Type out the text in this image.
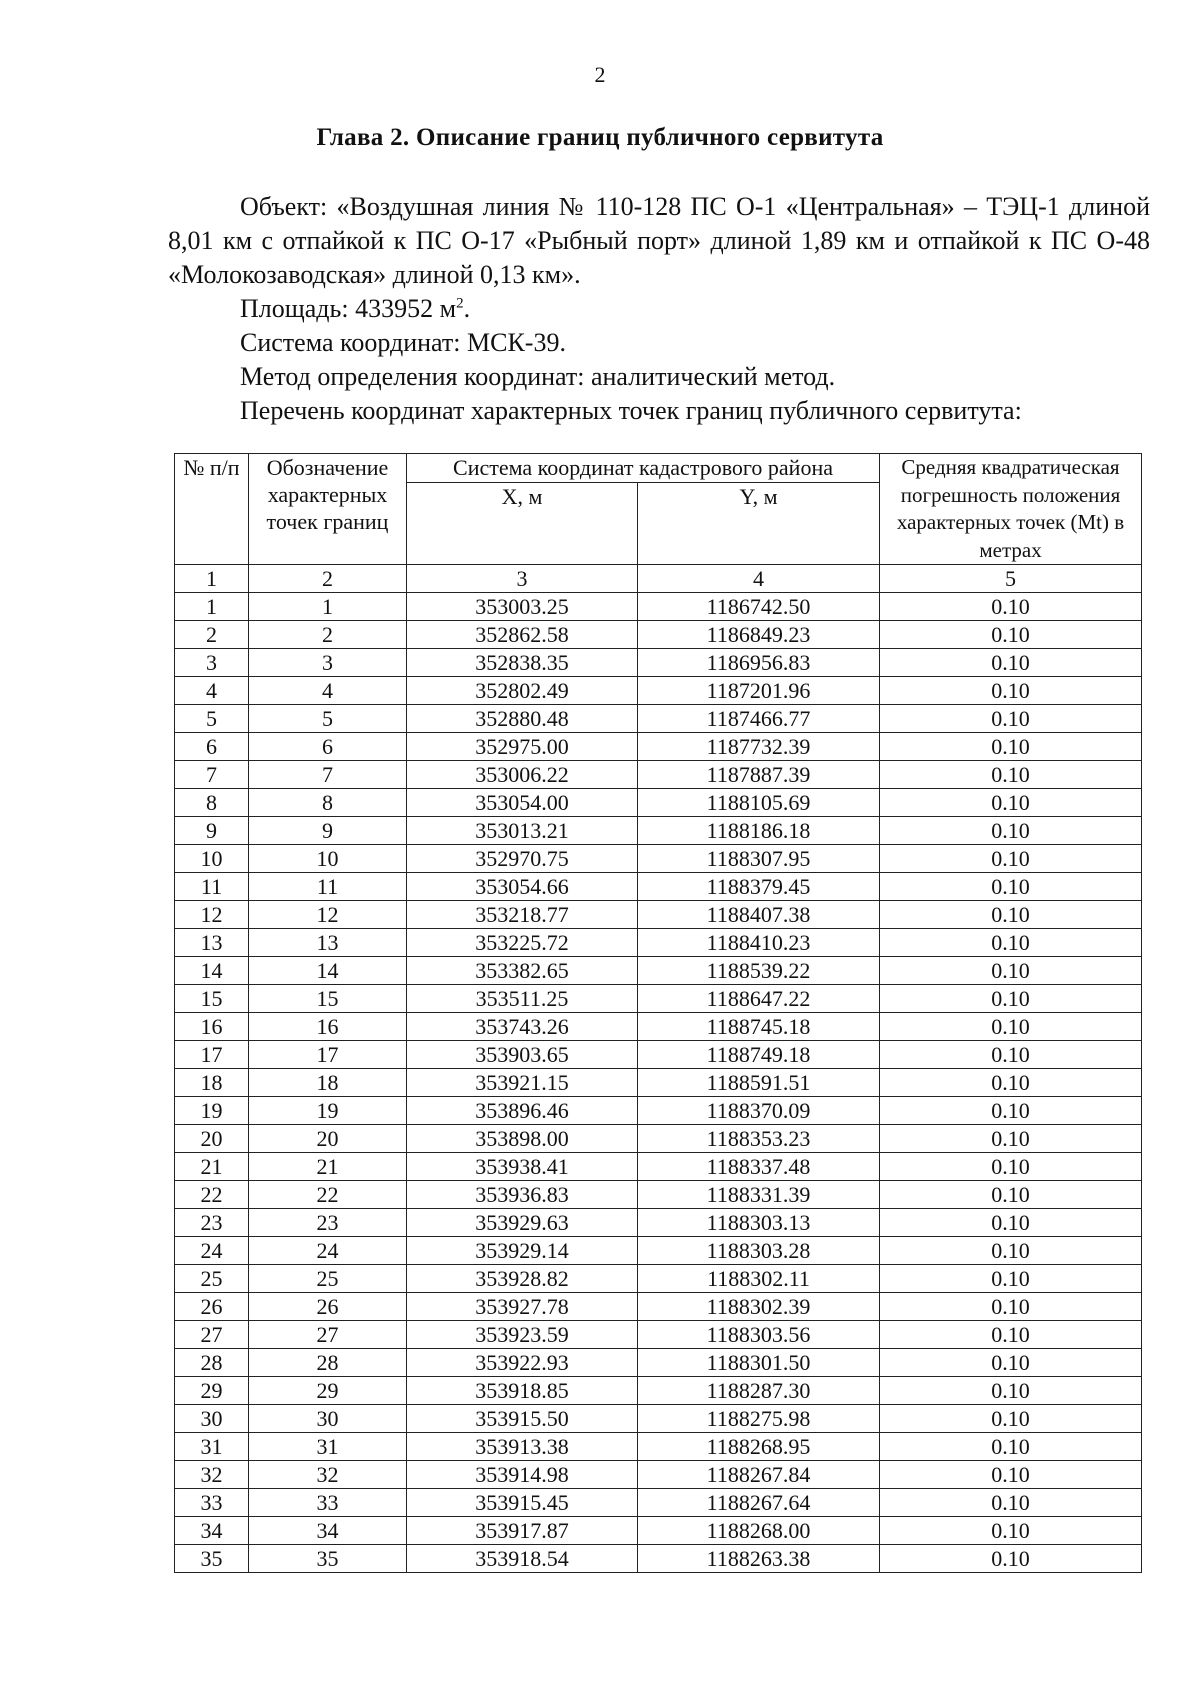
2
Глава 2. Описание границ публичного сервитута
Объект: «Воздушная линия № 110-128 ПС О-1 «Центральная» – ТЭЦ-1 длиной 8,01 км с отпайкой к ПС О-17 «Рыбный порт» длиной 1,89 км и отпайкой к ПС О-48 «Молокозаводская» длиной 0,13 км».
Площадь: 433952 $м^2$.
Система координат: МСК-39.
Метод определения координат: аналитический метод.
Перечень координат характерных точек границ публичного сервитута:
№ п/п	Обозначение характерных точек границ	Система координат кадастрового района		Средняя квадратическая погрешность положения характерных точек (Mt) в метрах
		X, м	Y, м	
1	2	3	4	5
1	1	353003.25	1186742.50	0.10
2	2	352862.58	1186849.23	0.10
3	3	352838.35	1186956.83	0.10
4	4	352802.49	1187201.96	0.10
5	5	352880.48	1187466.77	0.10
6	6	352975.00	1187732.39	0.10
7	7	353006.22	1187887.39	0.10
8	8	353054.00	1188105.69	0.10
9	9	353013.21	1188186.18	0.10
10	10	352970.75	1188307.95	0.10
11	11	353054.66	1188379.45	0.10
12	12	353218.77	1188407.38	0.10
13	13	353225.72	1188410.23	0.10
14	14	353382.65	1188539.22	0.10
15	15	353511.25	1188647.22	0.10
16	16	353743.26	1188745.18	0.10
17	17	353903.65	1188749.18	0.10
18	18	353921.15	1188591.51	0.10
19	19	353896.46	1188370.09	0.10
20	20	353898.00	1188353.23	0.10
21	21	353938.41	1188337.48	0.10
22	22	353936.83	1188331.39	0.10
23	23	353929.63	1188303.13	0.10
24	24	353929.14	1188303.28	0.10
25	25	353928.82	1188302.11	0.10
26	26	353927.78	1188302.39	0.10
27	27	353923.59	1188303.56	0.10
28	28	353922.93	1188301.50	0.10
29	29	353918.85	1188287.30	0.10
30	30	353915.50	1188275.98	0.10
31	31	353913.38	1188268.95	0.10
32	32	353914.98	1188267.84	0.10
33	33	353915.45	1188267.64	0.10
34	34	353917.87	1188268.00	0.10
35	35	353918.54	1188263.38	0.10
